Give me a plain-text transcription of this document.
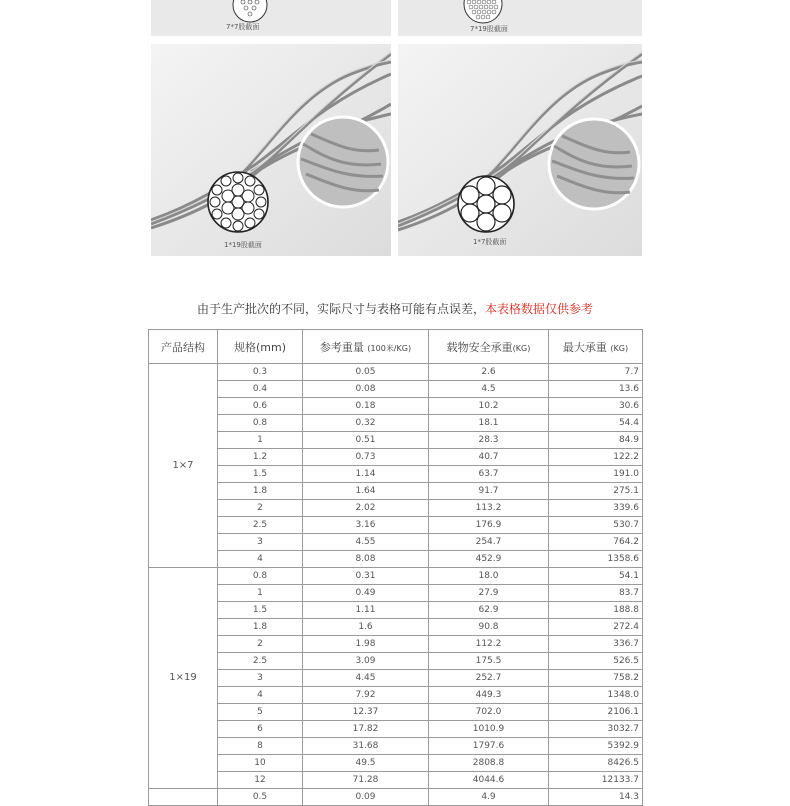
7*7股截面	7*19股截面
1*19股截面	1*7股截面
由于生产批次的不同，实际尺寸与表格可能有点误差，本表格数据仅供参考
产品结构	规格(mm)	参考重量 (100米/KG)	载物安全承重(KG)	最大承重 (KG)
1×7	0.3	0.05	2.6	7.7
	0.4	0.08	4.5	13.6
	0.6	0.18	10.2	30.6
	0.8	0.32	18.1	54.4
	1	0.51	28.3	84.9
	1.2	0.73	40.7	122.2
	1.5	1.14	63.7	191.0
	1.8	1.64	91.7	275.1
	2	2.02	113.2	339.6
	2.5	3.16	176.9	530.7
	3	4.55	254.7	764.2
	4	8.08	452.9	1358.6
1×19	0.8	0.31	18.0	54.1
	1	0.49	27.9	83.7
	1.5	1.11	62.9	188.8
	1.8	1.6	90.8	272.4
	2	1.98	112.2	336.7
	2.5	3.09	175.5	526.5
	3	4.45	252.7	758.2
	4	7.92	449.3	1348.0
	5	12.37	702.0	2106.1
	6	17.82	1010.9	3032.7
	8	31.68	1797.6	5392.9
	10	49.5	2808.8	8426.5
	12	71.28	4044.6	12133.7
	0.5	0.09	4.9	14.3
